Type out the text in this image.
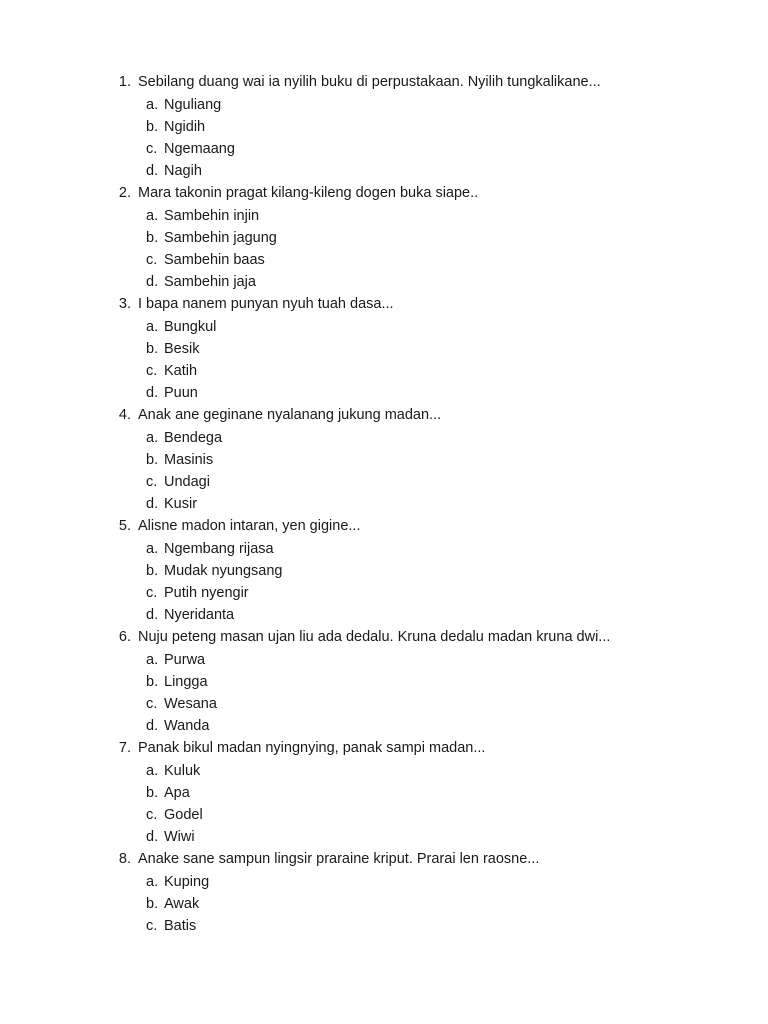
1. Sebilang duang wai ia nyilih buku di perpustakaan. Nyilih tungkalikane...
a. Nguliang
b. Ngidih
c. Ngemaang
d. Nagih
2. Mara takonin pragat kilang-kileng dogen buka siape..
a. Sambehin injin
b. Sambehin jagung
c. Sambehin baas
d. Sambehin jaja
3. I bapa nanem punyan nyuh tuah dasa...
a. Bungkul
b. Besik
c. Katih
d. Puun
4. Anak ane geginane nyalanang jukung madan...
a. Bendega
b. Masinis
c. Undagi
d. Kusir
5. Alisne madon intaran, yen gigine...
a. Ngembang rijasa
b. Mudak nyungsang
c. Putih nyengir
d. Nyeridanta
6. Nuju peteng masan ujan liu ada dedalu. Kruna dedalu madan kruna dwi...
a. Purwa
b. Lingga
c. Wesana
d. Wanda
7. Panak bikul madan nyingnying, panak sampi madan...
a. Kuluk
b. Apa
c. Godel
d. Wiwi
8. Anake sane sampun lingsir praraine kriput. Prarai len raosne...
a. Kuping
b. Awak
c. Batis
